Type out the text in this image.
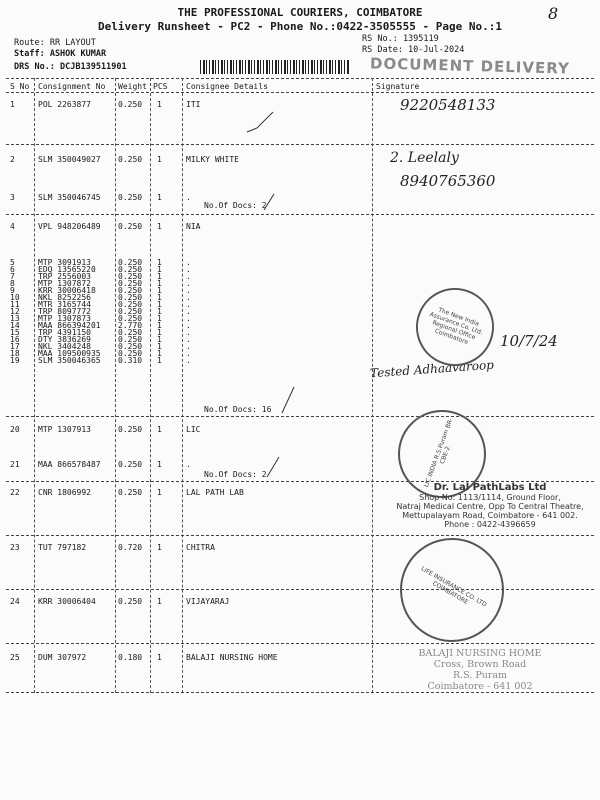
THE PROFESSIONAL COURIERS, COIMBATORE
Delivery Runsheet - PC2 - Phone No.:0422-3505555 - Page No.:1
8
Route: RR LAYOUT
Staff: ASHOK KUMAR
DRS No.: DCJB139511901
RS No.: 1395119
RS Date: 10-Jul-2024
DOCUMENT DELIVERY
S No Consignment No Weight PCS Consignee Details	Signature
1	POL 2263877	0.250 1	ITI
2	SLM 350049027 0.250 1	MILKY WHITE
3	SLM 350046745 0.250 1	.
4	VPL 948206489 0.250 1	NIA
5	MTP 3091913	0.250 1	.
6	EDQ 13565220	0.250 1	.
7	TRP 2556003	0.250 1	.
8	MTP 1307872	0.250 1	.
9	KRR 30006418	0.250 1	.
10 NKL 8252256	0.250 1	.
11 MTR 3165744	0.250 1	.
12 TRP 8097772	0.250 1	.
13 MTP 1307873	0.250 1	.
14 MAA 866394201 2.770 1	.
15 TRP 4391150	0.250 1	.
16 DTY 3836269	0.250 1	.
17 NKL 3404248	0.250 1	.
18 MAA 109500935 0.250 1	.
19 SLM 350046365 0.310 1	.
20 MTP 1307913	0.250 1	LIC
21 MAA 866578487 0.250 1	.
22 CNR 1806992	0.250 1	LAL PATH LAB
23 TUT 797182	0.720 1	CHITRA
24 KRR 30006404	0.250 1	VIJAYARAJ
25 DUM 307972	0.180 1	BALAJI NURSING HOME
No.Of Docs: 2
No.Of Docs: 16
No.Of Docs: 2
9220548133
2. Leelaly
8940765360
10/7/24
Tested Adhaavaroop
The New India Assurance Co. Ltd. Regional Office Coimbatore
LIC INDIA R.S.Puram BR-CBE-2
LIFE INSURANCE CO. LTD COIMBATORE
Dr. Lal PathLabs Ltd
Shop No: 1113/1114, Ground Floor,
Natraj Medical Centre, Opp To Central Theatre,
Mettupalayam Road, Coimbatore - 641 002.
Phone : 0422-4396659
BALAJI NURSING HOME
Cross, Brown Road
R.S. Puram
Coimbatore - 641 002
